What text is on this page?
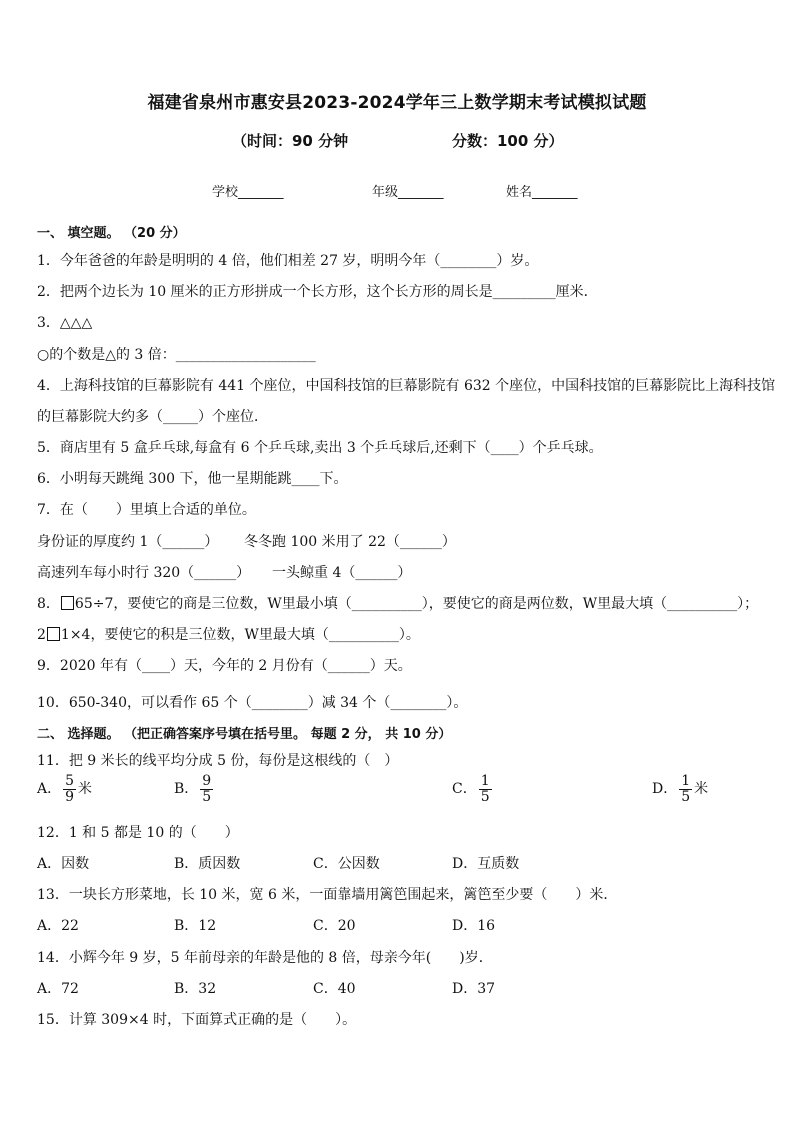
福建省泉州市惠安县2023-2024学年三上数学期末考试模拟试题
（时间：90 分钟	分数：100 分）
学校_______	年级_______	姓名_______
一、 填空题。 （20 分）
1．今年爸爸的年龄是明明的 4 倍，他们相差 27 岁，明明今年（________）岁。
2．把两个边长为 10 厘米的正方形拼成一个长方形，这个长方形的周长是_________厘米．
3．△△△
○的个数是△的 3 倍：____________________
4．上海科技馆的巨幕影院有 441 个座位，中国科技馆的巨幕影院有 632 个座位，中国科技馆的巨幕影院比上海科技馆
的巨幕影院大约多（_____）个座位．
5．商店里有 5 盒乒乓球,每盒有 6 个乒乓球,卖出 3 个乒乓球后,还剩下（____）个乒乓球。
6．小明每天跳绳 300 下，他一星期能跳____下。
7．在（　　）里填上合适的单位。
身份证的厚度约 1（______） 冬冬跑 100 米用了 22（______）
高速列车每小时行 320（______） 一头鲸重 4（______）
8． 65÷7，要使它的商是三位数，W里最小填（__________），要使它的商是两位数，W里最大填（__________）；
2 1×4，要使它的积是三位数，W里最大填（__________）。
9．2020 年有（____）天，今年的 2 月份有（______）天。
10．650-340，可以看作 65 个（________）减 34 个（________）。
二、 选择题。 （把正确答案序号填在括号里。 每题 2 分， 共 10 分）
11．把 9 米长的线平均分成 5 份，每份是这根线的（　）
A． $\frac{5}{9}$ 米	B． $\frac{9}{5}$	C． $\frac{1}{5}$	D． $\frac{1}{5}$ 米
12．1 和 5 都是 10 的（　　）
A．因数	B．质因数	C．公因数	D．互质数
13．一块长方形菜地，长 10 米，宽 6 米，一面靠墙用篱笆围起来，篱笆至少要（　　）米．
A．22	B．12	C．20	D．16
14．小辉今年 9 岁，5 年前母亲的年龄是他的 8 倍，母亲今年(　　)岁．
A．72	B．32	C．40	D．37
15．计算 309×4 时，下面算式正确的是（　　）。
